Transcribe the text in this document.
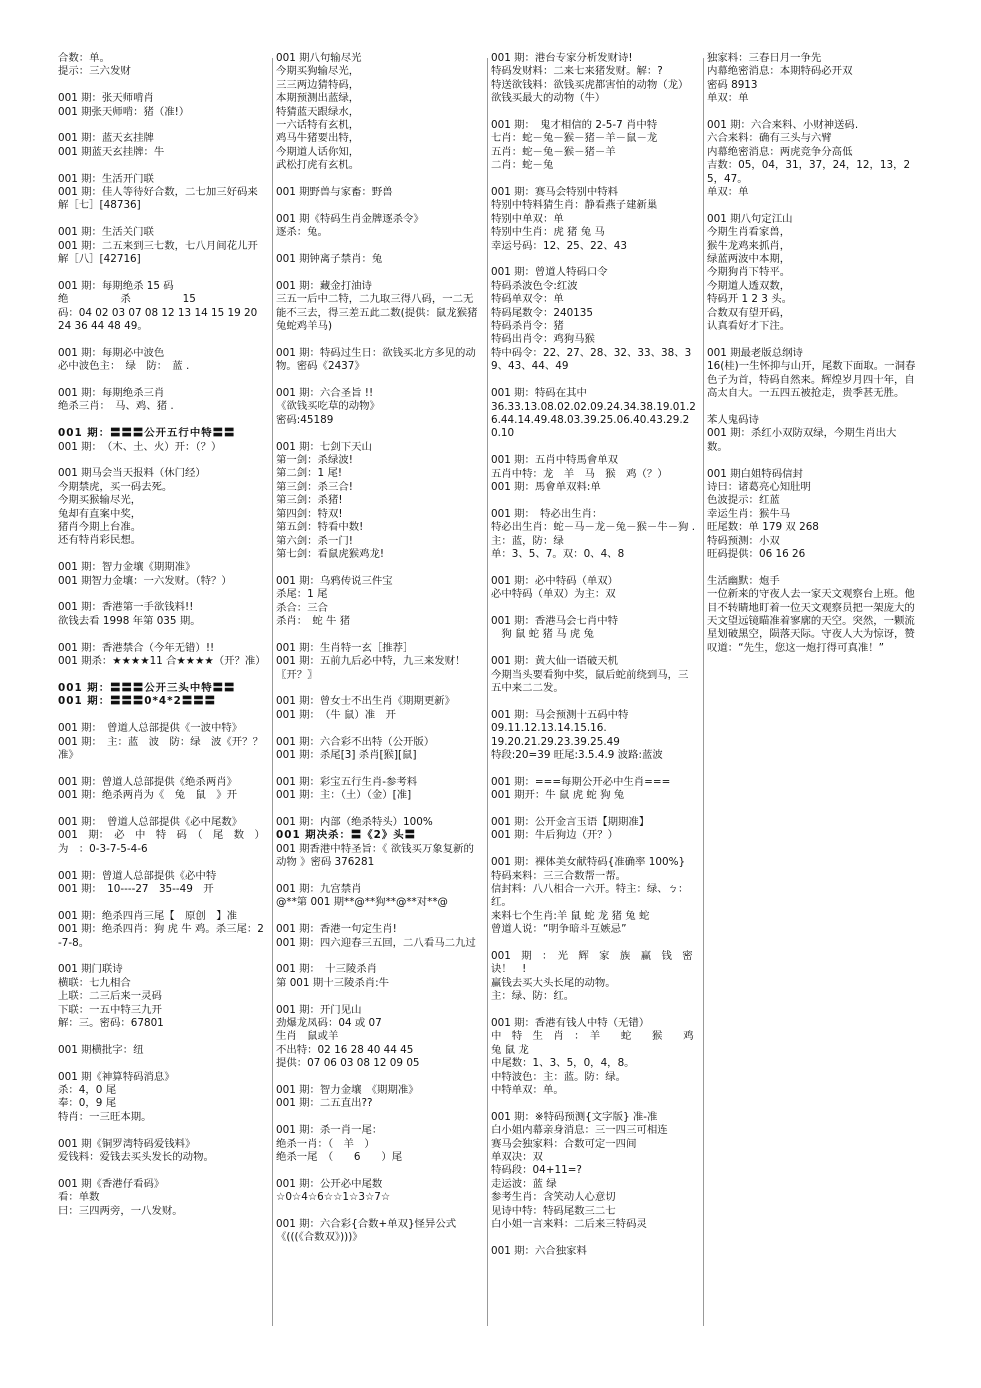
合数：单。
提示：三六发财
001 期：张天师啃肖
001 期张天师啃：猪（准!）
001 期：蓝天玄挂牌
001 期蓝天玄挂牌：牛
001 期：生活开门联
001 期：佳人等待好合数，二七加三好码来
解［七］[48736]
001 期：生活关门联
001 期：二五来到三七数，七八月间花儿开
解［八］[42716]
001 期：每期绝杀 15 码
绝　　　　　杀　　　　　15
码：04 02 03 07 08 12 13 14 15 19 20 24 36 44 48 49。
001 期：每期必中波色
必中波色主：　绿　防：　蓝 .
001 期：每期绝杀三肖
绝杀三肖：　马、鸡、猪 .
001 期：〓〓〓公开五行中特〓〓
001 期：　（木、土、火）开：（？）
001 期马会当天报料（休门经）
今期禁虎，买一码去死。
今期买猴输尽光，
兔却有直案中奖，
猪肖今期上台准。
还有特肖彩民想。
001 期：智力金壤《期期准》
001 期智力金壤：一六发财。（特？）
001 期：香港第一手欲钱料!!
欲钱去看 1998 年第 035 期。
001 期：香港禁合（今年无错）!!
001 期杀：★★★★11 合★★★★（开？准）
001 期：〓〓〓公开三头中特〓〓
001 期：〓〓〓0*4*2〓〓〓
001 期：　曾道人总部提供《一波中特》
001 期：　主：蓝　波　防：绿　波《开？？准》
001 期：曾道人总部提供《绝杀两肖》
001 期：绝杀两肖为《　兔　鼠　》开
001 期：　曾道人总部提供《必中尾数》
001　期：　必　中　特　码　（　尾　数　）　为　：0-3-7-5-4-6
001 期：曾道人总部提供《必中特
001 期：　10----27　35--49　开
001 期：绝杀四肖三尾【　原创　】准
001 期：绝杀四肖：狗 虎 牛 鸡。杀三尾：2-7-8。
001 期门联诗
横联：七九相合
上联：二三后来一灵码
下联：一五中特三九开
解：三。密码：67801
001 期横批字：纽
001 期《神算特码消息》
杀：4，0 尾
奉：0，9 尾
特肖：一三旺本期。
001 期《铜罗湾特码爱钱料》
爱钱料：爱钱去买头发长的动物。
001 期《香港仔看码》
看：单数
曰：三四两旁，一八发财。
001 期八句输尽光
今期买狗输尽光，
三三两边猜特码，
本期预测出蓝绿，
特猜蓝天跟绿水，
一六话特有玄机，
鸡马牛猪要出特，
今期道人话你知，
武松打虎有玄机。
001 期野兽与家畜：野兽
001 期《特码生肖金牌逐杀令》
逐杀：兔。
001 期钟离子禁肖：兔
001 期：藏金打油诗
三五一后中二特，二九取三得八码，一二无能不三去，得三差五此二数(提供：鼠龙猴猪兔蛇鸡羊马)
001 期：特码过生日：欲钱买北方多见的动物。密码《2437》
001 期：六合圣旨 !!
《欲钱买吃草的动物》
密码:45189
001 期：七剑下天山
第一剑：杀绿波!
第二剑：1 尾!
第三剑：杀三合!
第三剑：杀猪!
第四剑：特双!
第五剑：特看中数!
第六剑：杀一门!
第七剑：看鼠虎猴鸡龙!
001 期：乌鸦传说三件宝
杀尾：1 尾
杀合：三合
杀肖：　蛇 牛 猪
001 期：生肖特一玄［推荐］
001 期：五前九后必中特，九三来发财！〖开？〗
001 期：曾女士不出生肖《期期更新》
001 期：　（牛 鼠）准　开
001 期：六合彩不出特（公开版）
001 期：杀尾[3] 杀肖[猴][鼠]
001 期：彩宝五行生肖-参考料
001 期：主：（土）（金）[准]
001 期：内部（绝杀特头）100%
001 期决杀：〓《2》头〓
001 期香港中特圣旨：《 欲钱买万象复新的动物 》密码 376281
001 期：九宫禁肖
@**第 001 期**@**狗**@**对**@
001 期：香港一句定生肖!
001 期：四六迎春三五回，二八看马二九过
001 期：　十三陵杀肖
第 001 期十三陵杀肖:牛
001 期：开门见山
劲爆龙凤码：04 或 07
生肖　鼠或羊
不出特：02 16 28 40 44 45
提供：07 06 03 08 12 09 05
001 期：智力金壤　《期期准》
001 期：二五直出??
001 期：杀一肖一尾：
绝杀一肖：（　羊　）
绝杀一尾　（　　6　　）尾
001 期：公开必中尾数
☆0☆4☆6☆☆1☆3☆7☆
001 期：六合彩{合数+单双}怪异公式
《(((《合数双》)))》
001 期：港台专家分析发财诗!
特码发财料：二来七来猪发财。解：?
特送欲钱料：欲钱买虎都害怕的动物（龙）　欲钱买最大的动物（牛）
001 期：　鬼才相信的 2-5-7 肖中特
七肖：蛇－兔－猴－猪－羊－鼠－龙
五肖：蛇－兔－猴－猪－羊
二肖：蛇－兔
001 期：赛马会特别中特料
特别中特料猜生肖：静看燕子建新巢
特别中单双：单
特别中生肖：虎 猪 兔 马
幸运号码：12、25、22、43
001 期：曾道人特码口令
特码杀波色令:红波
特码单双令：单
特码尾数令：240135
特码杀肖令：猪
特码出肖令：鸡狗马猴
特中码令：22、27、28、32、33、38、39、43、44、49
001 期：特码在其中
36.33.13.08.02.02.09.24.34.38.19.01.26.44.14.49.48.03.39.25.06.40.43.29.20.10
001 期：五肖中特馬會单双
五肖中特：龙　羊　马　猴　鸡（？）
001 期：馬會单双料:单
001 期：　特必出生肖：
特必出生肖：蛇－马－龙－兔－猴－牛－狗 .
主：蓝，防：绿
单：3、5、7。双：0、4、8
001 期：必中特码（单双）
必中特码（单双）为主：双
001 期：香港马会七肖中特
　狗 鼠 蛇 猪 马 虎 兔
001 期：黄大仙一语破天机
今期当头要看狗中奖，鼠后蛇前绕到马，三五中来二二发。
001 期：马会预测十五码中特
09.11.12.13.14.15.16.
19.20.21.29.23.39.25.49
特段:20=39 旺尾:3.5.4.9 波路:蓝波
001 期：===每期公开必中生肖===
001 期开：牛 鼠 虎 蛇 狗 兔
001 期：公开金言玉语【期期准】
001 期：牛后狗边（开？）
001 期：裸体美女献特码{准确率 100%}
特码来料：三三合数帮一帮。
信封料：八八相合一六开。特主：绿、ㄅ：红。
来料七个生肖:羊 鼠 蛇 龙 猪 兔 蛇
曾道人说：“明争暗斗互嫉忌”
001　期　：　光　辉　家　族　赢　钱　密诀！　!
赢钱去买大头长尾的动物。
主：绿、防：红。
001 期：香港有钱人中特（无错）
中　特　生　肖　：　羊　　蛇　　猴　　鸡　兔 鼠 龙
中尾数：1、3、5，0，4，8。
中特波色：主：蓝。防：绿。
中特单双：单。
001 期：※特码预测{文字版} 准-准
白小姐内幕亲身消息：三一四三可相连
赛马会独家料：合数可定一四间
单双决：双
特码段：04+11=?
走运波：蓝 绿
参考生肖：含笑动人心意切
见诗中特：特码尾数三二七
白小姐一言来料：二后来三特码灵
001 期：六合独家料
独家料：三春日月一争先
内幕绝密消息：本期特码必开双
密码 8913
单双：单
001 期：六合来料、小财神送码.
六合来料：确有三头与六臂
内幕绝密消息：两虎竞争分高低
吉数：05，04，31，37，24，12，13，25，47。
单双：单
001 期八句定江山
今期生肖看家兽，
猴牛龙鸡来抓肖，
绿蓝两波中本期，
今期狗肖下特平。
今期道人透双数，
特码开 1 2 3 头。
合数双有望开码，
认真看好才下注。
001 期最老版总纲诗
16(桂)一生怀抑与山开，尾数下面取。一洞春色子为首，特码自然来。辉煌岁月四十年，自高太自大。一五四五被抢走，贵季甚无胜。
苯人鬼码诗
001 期：杀红小双防双绿，今期生肖出大数。
001 期白姐特码信封
诗曰：诸葛亮心知肚明
色波提示：红蓝
幸运生肖：猴牛马
旺尾数：单 179 双 268
特码预测：小双
旺码提供：06 16 26
生活幽默：炮手
一位新来的守夜人去一家天文观察台上班。他目不转睛地盯着一位天文观察员把一架庞大的天文望远镜瞄准着寥廓的天空。突然，一颗流星划破黑空，陨落天际。守夜人大为惊讶，赞叹道：“先生，您这一炮打得可真准！”
